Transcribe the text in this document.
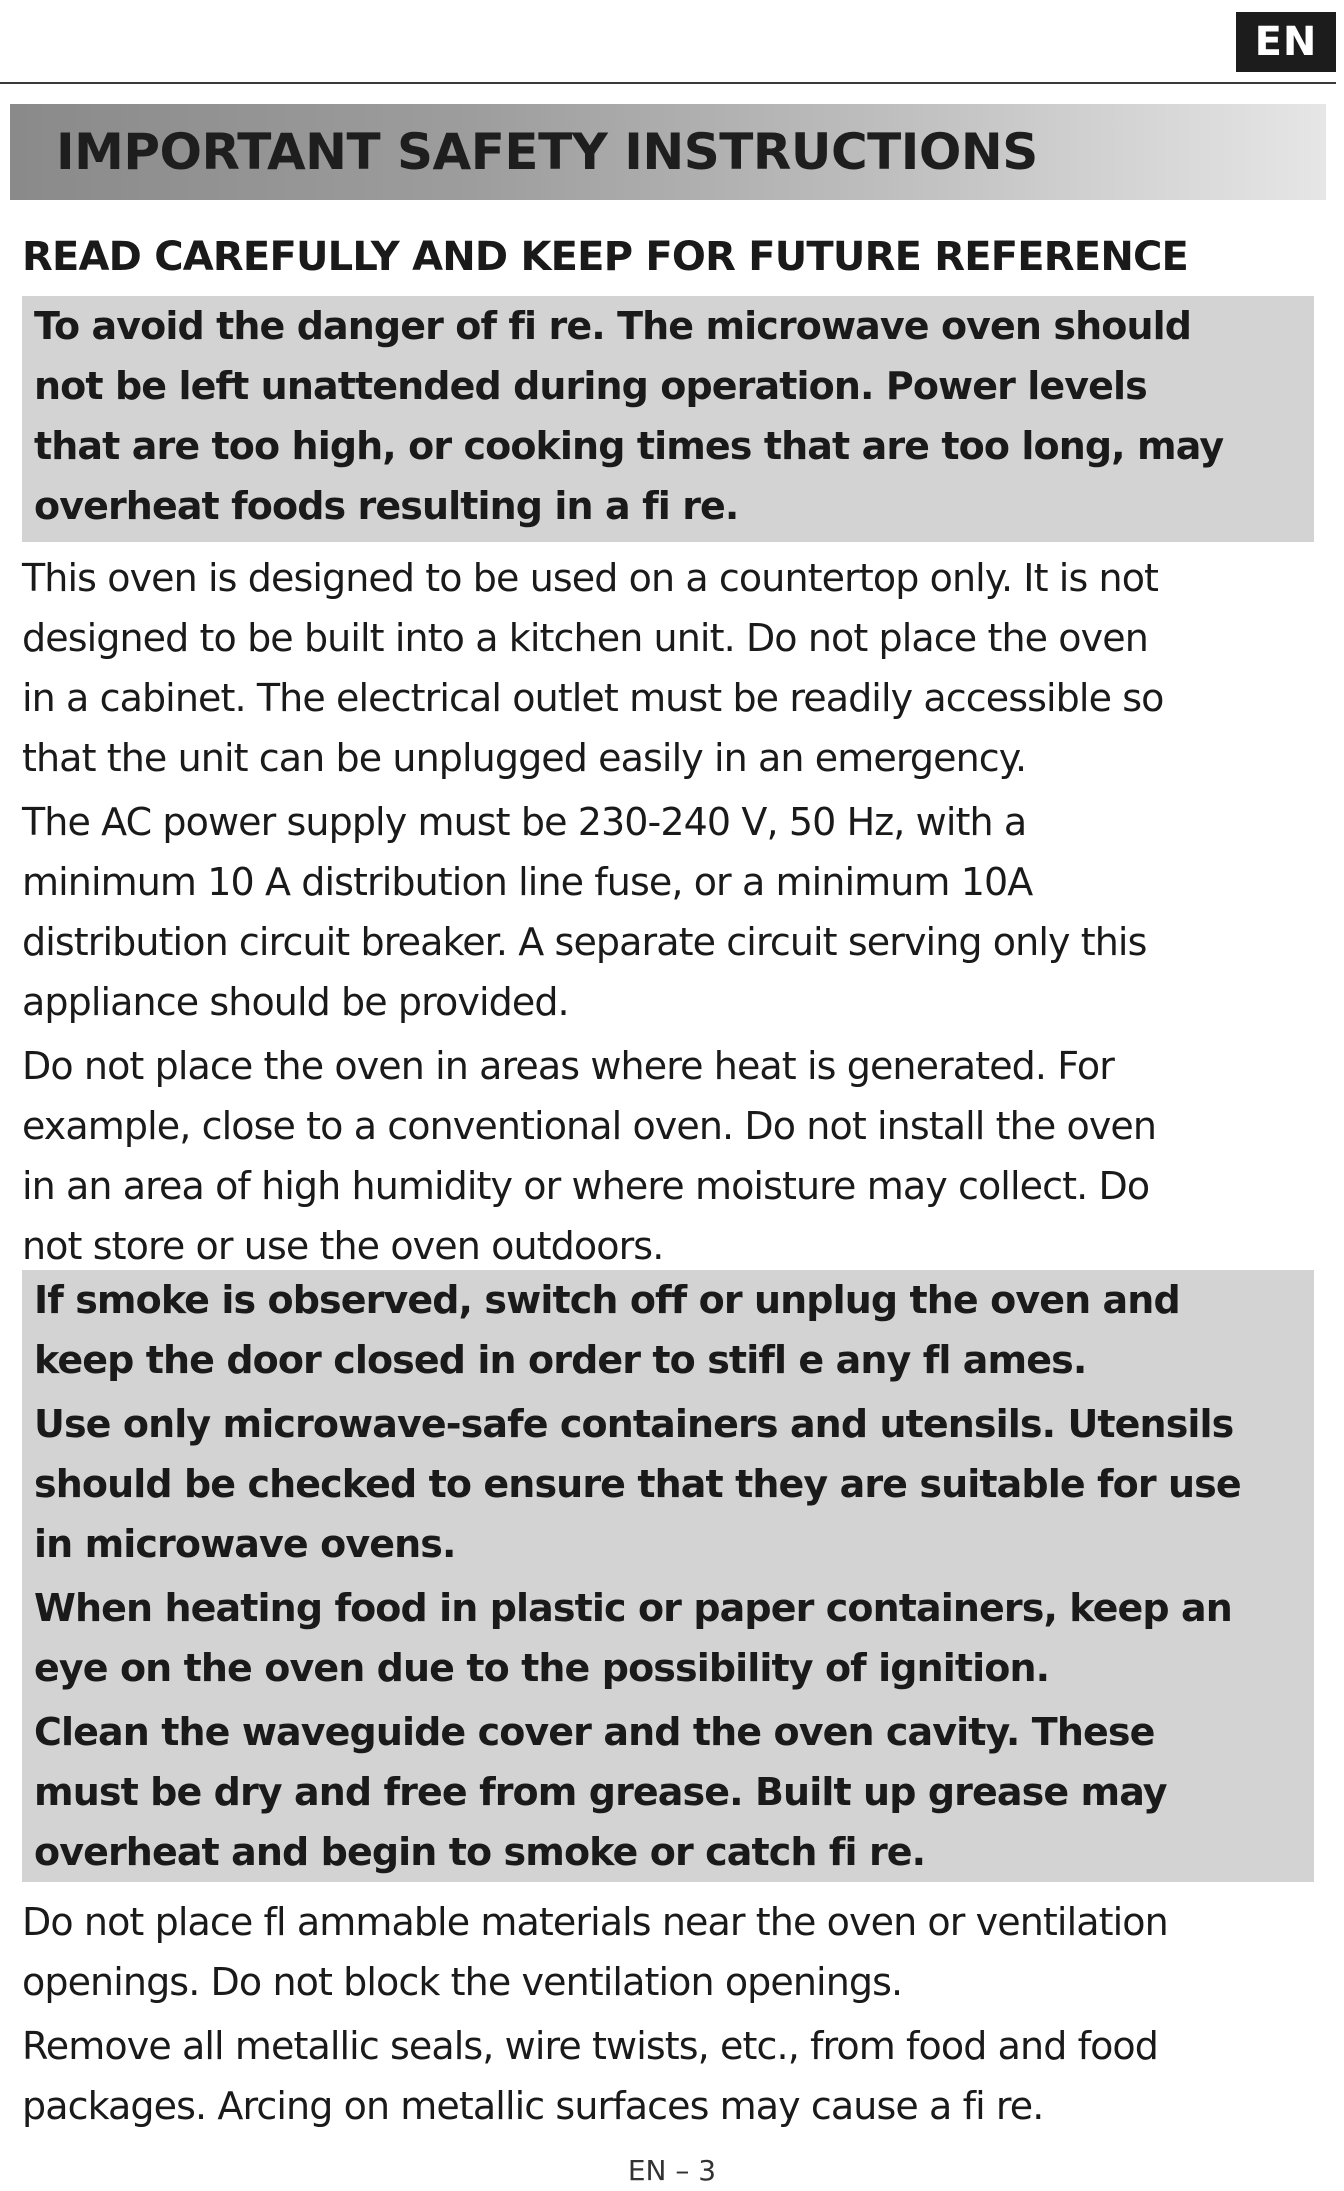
EN
IMPORTANT SAFETY INSTRUCTIONS
READ CAREFULLY AND KEEP FOR FUTURE REFERENCE

To avoid the danger of fi re. The microwave oven should

not be left unattended during operation. Power levels

that are too high, or cooking times that are too long, may

overheat foods resulting in a fi re.

This oven is designed to be used on a countertop only. It is not

designed to be built into a kitchen unit. Do not place the oven

in a cabinet. The electrical outlet must be readily accessible so

that the unit can be unplugged easily in an emergency.

The AC power supply must be 230-240 V, 50 Hz, with a

minimum 10 A distribution line fuse, or a minimum 10A

distribution circuit breaker. A separate circuit serving only this

appliance should be provided.

Do not place the oven in areas where heat is generated. For

example, close to a conventional oven. Do not install the oven

in an area of high humidity or where moisture may collect. Do

not store or use the oven outdoors.

If smoke is observed, switch off or unplug the oven and

keep the door closed in order to stifl e any fl ames.

Use only microwave-safe containers and utensils. Utensils

should be checked to ensure that they are suitable for use

in microwave ovens.

When heating food in plastic or paper containers, keep an

eye on the oven due to the possibility of ignition.

Clean the waveguide cover and the oven cavity. These

must be dry and free from grease. Built up grease may

overheat and begin to smoke or catch fi re.

Do not place fl ammable materials near the oven or ventilation

openings. Do not block the ventilation openings.

Remove all metallic seals, wire twists, etc., from food and food

packages. Arcing on metallic surfaces may cause a fi re.

EN – 3
